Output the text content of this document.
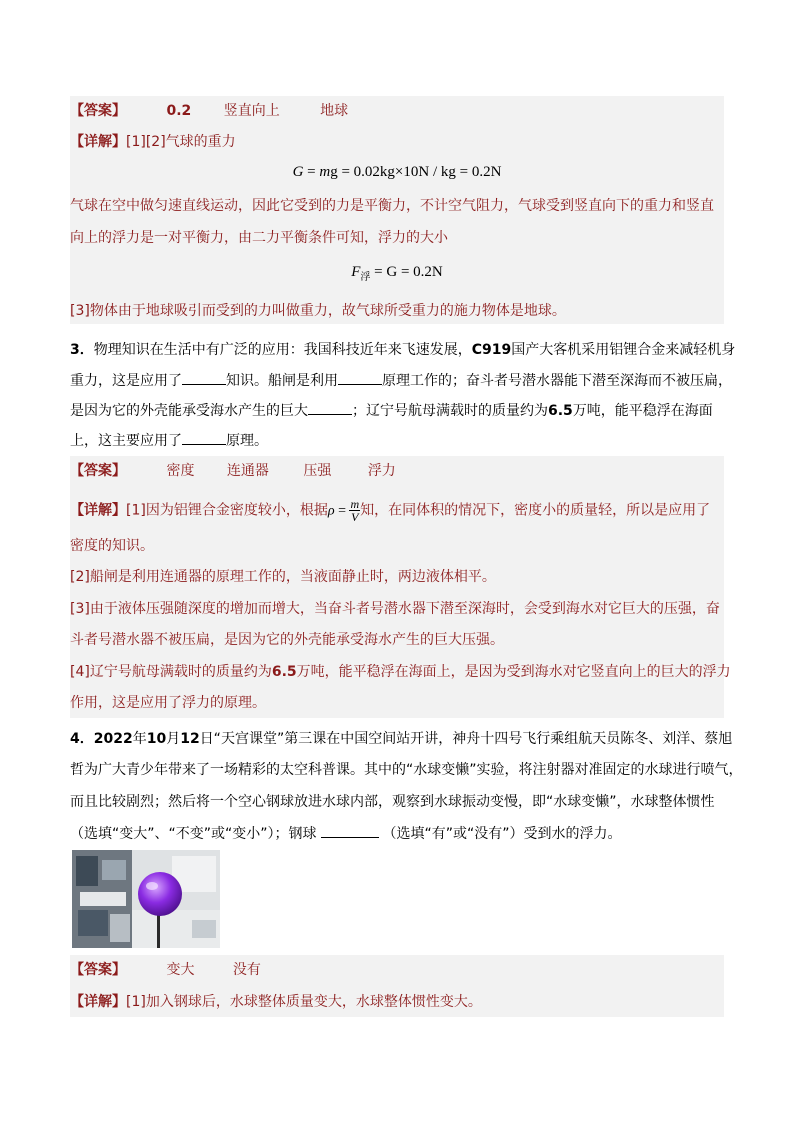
【答案】	0.2 竖直向上	地球
【详解】[1][2]气球的重力
G = mg = 0.02kg×10N / kg = 0.2N
气球在空中做匀速直线运动，因此它受到的力是平衡力，不计空气阻力，气球受到竖直向下的重力和竖直
向上的浮力是一对平衡力，由二力平衡条件可知，浮力的大小
$F_浮 = G = 0.2N$
[3]物体由于地球吸引而受到的力叫做重力，故气球所受重力的施力物体是地球。
3．物理知识在生活中有广泛的应用：我国科技近年来飞速发展，C919国产大客机采用铝锂合金来减轻机身
重力，这是应用了	知识。船闸是利用	原理工作的；奋斗者号潜水器能下潜至深海而不被压扁，
是因为它的外壳能承受海水产生的巨大	；辽宁号航母满载时的质量约为6.5万吨，能平稳浮在海面
上，这主要应用了	原理。
【答案】	密度 连通器 压强	浮力
【详解】[1]因为铝锂合金密度较小，根据$\rho = \frac{m}{V}$ 知，在同体积的情况下，密度小的质量轻，所以是应用了
密度的知识。
[2]船闸是利用连通器的原理工作的，当液面静止时，两边液体相平。
[3]由于液体压强随深度的增加而增大，当奋斗者号潜水器下潜至深海时，会受到海水对它巨大的压强，奋
斗者号潜水器不被压扁，是因为它的外壳能承受海水产生的巨大压强。
[4]辽宁号航母满载时的质量约为6.5万吨，能平稳浮在海面上，是因为受到海水对它竖直向上的巨大的浮力
作用，这是应用了浮力的原理。
4．2022年10月12日“天宫课堂”第三课在中国空间站开讲，神舟十四号飞行乘组航天员陈冬、刘洋、蔡旭
哲为广大青少年带来了一场精彩的太空科普课。其中的“水球变懒”实验，将注射器对准固定的水球进行喷气，
而且比较剧烈；然后将一个空心钢球放进水球内部，观察到水球振动变慢，即“水球变懒”，水球整体惯性
（选填“变大”、“不变”或“变小”）；钢球	（选填“有”或“没有”）受到水的浮力。
【答案】	变大	没有
【详解】[1]加入钢球后，水球整体质量变大，水球整体惯性变大。
